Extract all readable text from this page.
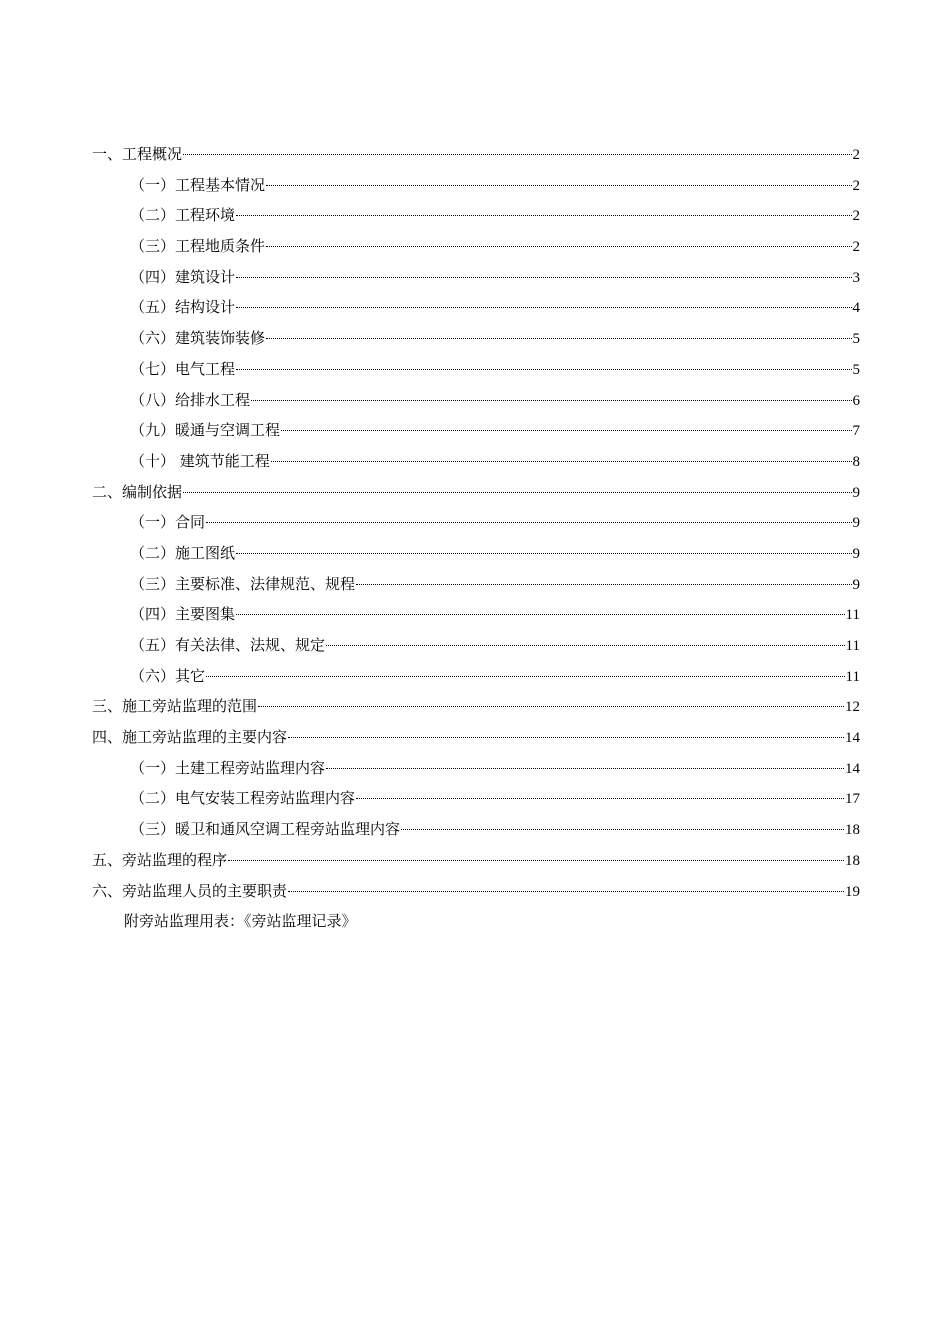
一、工程概况	2
（一）工程基本情况	2
（二）工程环境	2
（三）工程地质条件	2
（四）建筑设计	3
（五）结构设计	4
（六）建筑装饰装修	5
（七）电气工程	5
（八）给排水工程	6
（九）暖通与空调工程	7
（十） 建筑节能工程	8
二、编制依据	9
（一）合同	9
（二）施工图纸	9
（三）主要标准、法律规范、规程	9
（四）主要图集	11
（五）有关法律、法规、规定	11
（六）其它	11
三、施工旁站监理的范围	12
四、施工旁站监理的主要内容	14
（一）土建工程旁站监理内容	14
（二）电气安装工程旁站监理内容	17
（三）暖卫和通风空调工程旁站监理内容	18
五、旁站监理的程序	18
六、旁站监理人员的主要职责	19
附旁站监理用表：《旁站监理记录》
